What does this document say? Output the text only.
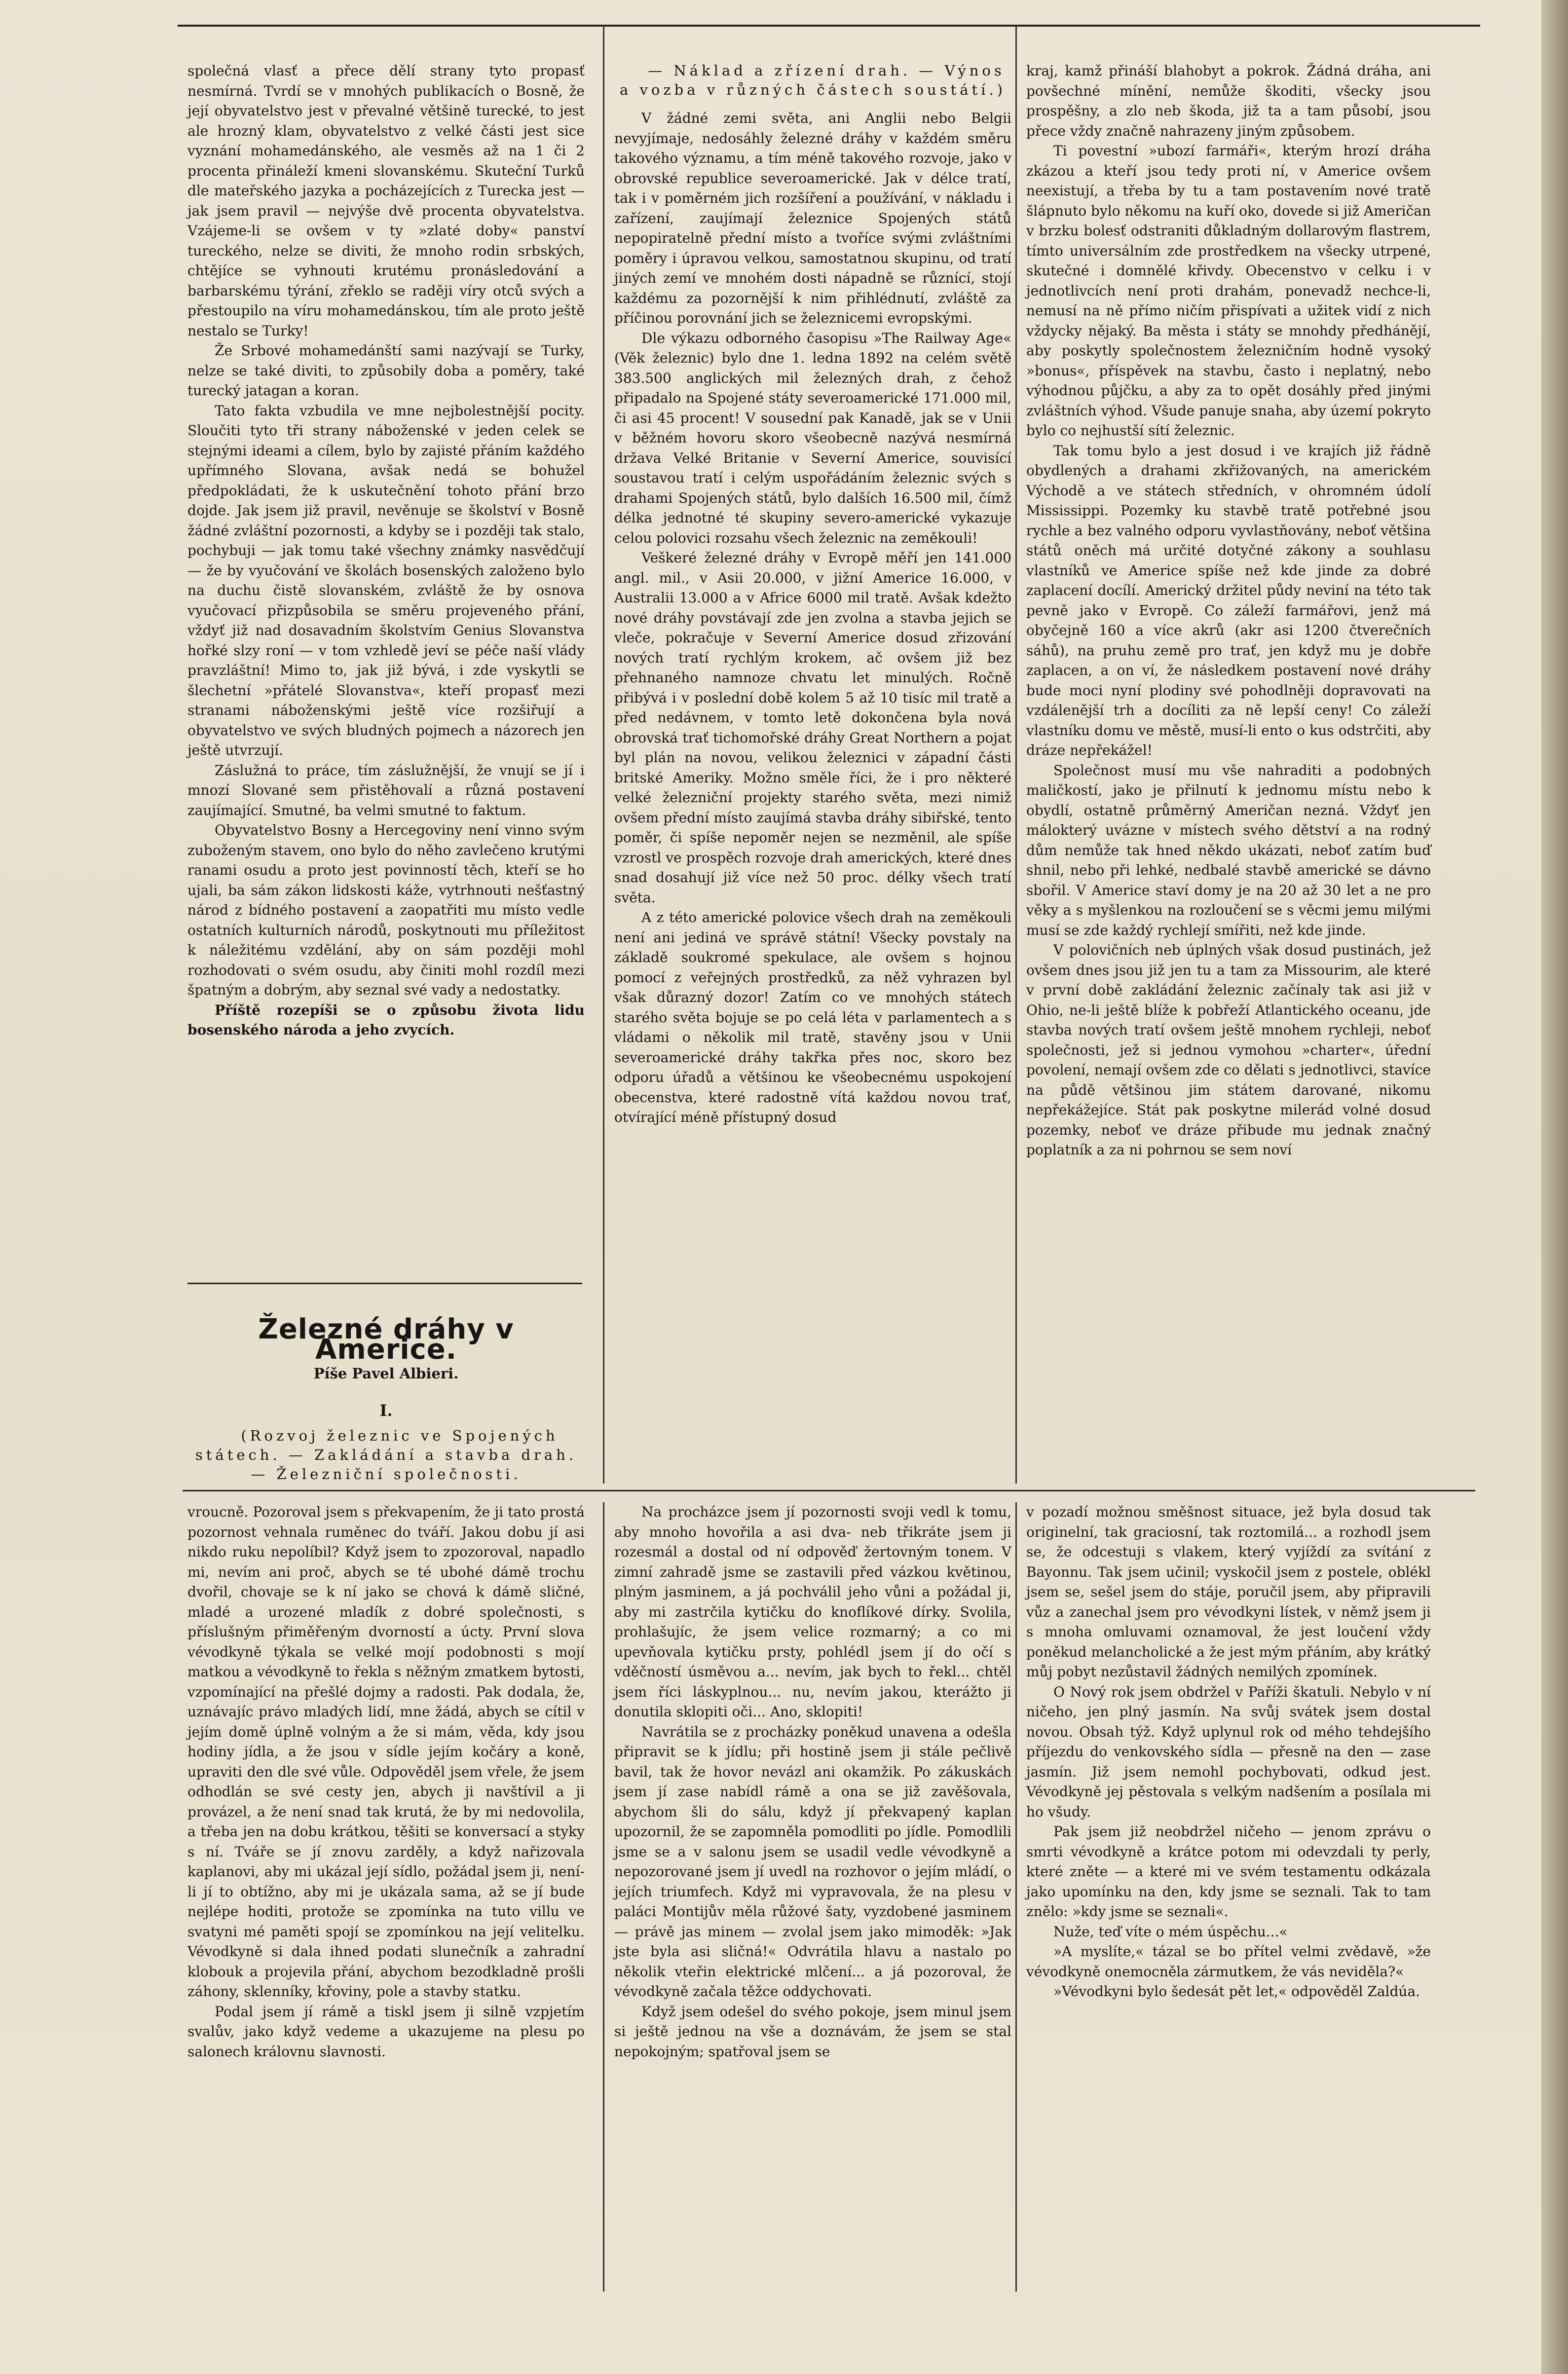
společná vlasť a přece dělí strany tyto propasť nesmírná. Tvrdí se v mnohých publikacích o Bosně, že její obyvatelstvo jest v převalné většině turecké, to jest ale hrozný klam, obyvatelstvo z velké části jest sice vyznání mohamedánského, ale vesměs až na 1 či 2 procenta přináleží kmeni slovanskému. Skuteční Turků dle mateřského jazyka a pocházejících z Turecka jest — jak jsem pravil — nejvýše dvě procenta obyvatelstva. Vzájeme-li se ovšem v ty »zlaté doby« panství tureckého, nelze se diviti, že mnoho rodin srbských, chtějíce se vyhnouti krutému pronásledování a barbarskému týrání, zřeklo se raději víry otců svých a přestoupilo na víru mohamedánskou, tím ale proto ještě nestalo se Turky!

Že Srbové mohamedánští sami nazývají se Turky, nelze se také diviti, to způsobily doba a poměry, také turecký jatagan a koran.

Tato fakta vzbudila ve mne nejbolestnější pocity. Sloučiti tyto tři strany náboženské v jeden celek se stejnými ideami a cílem, bylo by zajisté přáním každého upřímného Slovana, avšak nedá se bohužel předpokládati, že k uskutečnění tohoto přání brzo dojde. Jak jsem již pravil, nevěnuje se školství v Bosně žádné zvláštní pozornosti, a kdyby se i později tak stalo, pochybuji — jak tomu také všechny známky nasvědčují — že by vyučování ve školách bosenských založeno bylo na duchu čistě slovanském, zvláště že by osnova vyučovací přizpůsobila se směru projeveného přání, vždyť již nad dosavadním školstvím Genius Slovanstva hořké slzy roní — v tom vzhledě jeví se péče naší vlády pravzláštní! Mimo to, jak již bývá, i zde vyskytli se šlechetní »přátelé Slovanstva«, kteří propasť mezi stranami náboženskými ještě více rozšiřují a obyvatelstvo ve svých bludných pojmech a názorech jen ještě utvrzují.

Záslužná to práce, tím záslužnější, že vnují se jí i mnozí Slované sem přistěhovalí a různá postavení zaujímající. Smutné, ba velmi smutné to faktum.

Obyvatelstvo Bosny a Hercegoviny není vinno svým zuboženým stavem, ono bylo do něho zavlečeno krutými ranami osudu a proto jest povinností těch, kteří se ho ujali, ba sám zákon lidskosti káže, vytrhnouti nešťastný národ z bídného postavení a zaopatřiti mu místo vedle ostatních kulturních národů, poskytnouti mu příležitost k náležitému vzdělání, aby on sám později mohl rozhodovati o svém osudu, aby činiti mohl rozdíl mezi špatným a dobrým, aby seznal své vady a nedostatky.

Příště rozepíši se o způsobu života lidu bosenského národa a jeho zvycích.

Železné dráhy v Americe.
Píše Pavel Albieri.
I.

(Rozvoj železnic ve Spojených státech. — Zakládání a stavba drah. — Železniční společnosti.

— Náklad a zřízení drah. — Výnos a vozba v různých částech soustátí.)

V žádné zemi světa, ani Anglii nebo Belgii nevyjímaje, nedosáhly železné dráhy v každém směru takového významu, a tím méně takového rozvoje, jako v obrovské republice severoamerické. Jak v délce tratí, tak i v poměrném jich rozšíření a používání, v nákladu i zařízení, zaujímají železnice Spojených států nepopiratelně přední místo a tvoříce svými zvláštními poměry i úpravou velkou, samostatnou skupinu, od tratí jiných zemí ve mnohém dosti nápadně se různící, stojí každému za pozornější k nim přihlédnutí, zvláště za příčinou porovnání jich se železnicemi evropskými.

Dle výkazu odborného časopisu »The Railway Age« (Věk železnic) bylo dne 1. ledna 1892 na celém světě 383.500 anglických mil železných drah, z čehož připadalo na Spojené státy severoamerické 171.000 mil, či asi 45 procent! V sousední pak Kanadě, jak se v Unii v běžném hovoru skoro všeobecně nazývá nesmírná država Velké Britanie v Severní Americe, souvisící soustavou tratí i celým uspořádáním železnic svých s drahami Spojených států, bylo dalších 16.500 mil, čímž délka jednotné té skupiny severo-americké vykazuje celou polovici rozsahu všech železnic na zeměkouli!

Veškeré železné dráhy v Evropě měří jen 141.000 angl. mil., v Asii 20.000, v jižní Americe 16.000, v Australii 13.000 a v Africe 6000 mil tratě. Avšak kdežto nové dráhy povstávají zde jen zvolna a stavba jejich se vleče, pokračuje v Severní Americe dosud zřizování nových tratí rychlým krokem, ač ovšem již bez přehnaného namnoze chvatu let minulých. Ročně přibývá i v poslední době kolem 5 až 10 tisíc mil tratě a před nedávnem, v tomto letě dokončena byla nová obrovská trať tichomořské dráhy Great Northern a pojat byl plán na novou, velikou železnici v západní části britské Ameriky. Možno směle říci, že i pro některé velké železniční projekty starého světa, mezi nimiž ovšem přední místo zaujímá stavba dráhy sibiřské, tento poměr, či spíše nepoměr nejen se nezměnil, ale spíše vzrostl ve prospěch rozvoje drah amerických, které dnes snad dosahují již více než 50 proc. délky všech tratí světa.

A z této americké polovice všech drah na zeměkouli není ani jediná ve správě státní! Všecky povstaly na základě soukromé spekulace, ale ovšem s hojnou pomocí z veřejných prostředků, za něž vyhrazen byl však důrazný dozor! Zatím co ve mnohých státech starého světa bojuje se po celá léta v parlamentech a s vládami o několik mil tratě, stavěny jsou v Unii severoamerické dráhy takřka přes noc, skoro bez odporu úřadů a většinou ke všeobecnému uspokojení obecenstva, které radostně vítá každou novou trať, otvírající méně přístupný dosud

kraj, kamž přináší blahobyt a pokrok. Žádná dráha, ani povšechné mínění, nemůže škoditi, všecky jsou prospěšny, a zlo neb škoda, již ta a tam působí, jsou přece vždy značně nahrazeny jiným způsobem.

Ti povestní »ubozí farmáři«, kterým hrozí dráha zkázou a kteří jsou tedy proti ní, v Americe ovšem neexistují, a třeba by tu a tam postavením nové tratě šlápnuto bylo někomu na kuří oko, dovede si již Američan v brzku bolesť odstraniti důkladným dollarovým flastrem, tímto universálním zde prostředkem na všecky utrpené, skutečné i domnělé křivdy. Obecenstvo v celku i v jednotlivcích není proti drahám, ponevadž nechce-li, nemusí na ně přímo ničím přispívati a užitek vidí z nich vždycky nějaký. Ba města i státy se mnohdy předhánějí, aby poskytly společnostem železničním hodně vysoký »bonus«, příspěvek na stavbu, často i neplatný, nebo výhodnou půjčku, a aby za to opět dosáhly před jinými zvláštních výhod. Všude panuje snaha, aby území pokryto bylo co nejhustší sítí železnic.

Tak tomu bylo a jest dosud i ve krajích již řádně obydlených a drahami zkřižovaných, na americkém Východě a ve státech středních, v ohromném údolí Mississippi. Pozemky ku stavbě tratě potřebné jsou rychle a bez valného odporu vyvlastňovány, neboť většina států oněch má určité dotyčné zákony a souhlasu vlastníků ve Americe spíše než kde jinde za dobré zaplacení docílí. Americký držitel půdy neviní na této tak pevně jako v Evropě. Co záleží farmářovi, jenž má obyčejně 160 a více akrů (akr asi 1200 čtverečních sáhů), na pruhu země pro trať, jen když mu je dobře zaplacen, a on ví, že následkem postavení nové dráhy bude moci nyní plodiny své pohodlněji dopravovati na vzdálenější trh a docíliti za ně lepší ceny! Co záleží vlastníku domu ve městě, musí-li ento o kus odstrčiti, aby dráze nepřekážel!

Společnost musí mu vše nahraditi a podobných maličkostí, jako je přilnutí k jednomu místu nebo k obydlí, ostatně průměrný Američan nezná. Vždyť jen málokterý uvázne v místech svého dětství a na rodný dům nemůže tak hned někdo ukázati, neboť zatím buď shnil, nebo při lehké, nedbalé stavbě americké se dávno sbořil. V Americe staví domy je na 20 až 30 let a ne pro věky a s myšlenkou na rozloučení se s věcmi jemu milými musí se zde každý rychlejí smířiti, než kde jinde.

V polovičních neb úplných však dosud pustinách, jež ovšem dnes jsou již jen tu a tam za Missourim, ale které v první době zakládání železnic začínaly tak asi již v Ohio, ne-li ještě blíže k pobřeží Atlantického oceanu, jde stavba nových tratí ovšem ještě mnohem rychleji, neboť společnosti, jež si jednou vymohou »charter«, úřední povolení, nemají ovšem zde co dělati s jednotlivci, stavíce na půdě většinou jim státem darované, nikomu nepřekážejíce. Stát pak poskytne milerád volné dosud pozemky, neboť ve dráze přibude mu jednak značný poplatník a za ni pohrnou se sem noví

vroucně. Pozoroval jsem s překvapením, že ji tato prostá pozornost vehnala ruměnec do tváří. Jakou dobu jí asi nikdo ruku nepolíbil? Když jsem to zpozoroval, napadlo mi, nevím ani proč, abych se té ubohé dámě trochu dvořil, chovaje se k ní jako se chová k dámě sličné, mladé a urozené mladík z dobré společnosti, s příslušným přiměřeným dvorností a úcty. První slova vévodkyně týkala se velké mojí podobnosti s mojí matkou a vévodkyně to řekla s něžným zmatkem bytosti, vzpomínající na přešlé dojmy a radosti. Pak dodala, že, uznávajíc právo mladých lidí, mne žádá, abych se cítil v jejím domě úplně volným a že si mám, věda, kdy jsou hodiny jídla, a že jsou v sídle jejím kočáry a koně, upraviti den dle své vůle. Odpověděl jsem vřele, že jsem odhodlán se své cesty jen, abych ji navštívil a ji provázel, a že není snad tak krutá, že by mi nedovolila, a třeba jen na dobu krátkou, těšiti se konversací a styky s ní. Tváře se jí znovu zarděly, a když nařizovala kaplanovi, aby mi ukázal její sídlo, požádal jsem ji, není-li jí to obtížno, aby mi je ukázala sama, až se jí bude nejlépe hoditi, protože se zpomínka na tuto villu ve svatyni mé paměti spojí se zpomínkou na její velitelku. Vévodkyně si dala ihned podati slunečník a zahradní klobouk a projevila přání, abychom bezodkladně prošli záhony, sklenníky, křoviny, pole a stavby statku.

Podal jsem jí rámě a tiskl jsem ji silně vzpjetím svalův, jako když vedeme a ukazujeme na plesu po salonech královnu slavnosti.

Na procházce jsem jí pozornosti svoji vedl k tomu, aby mnoho hovořila a asi dva- neb třikráte jsem ji rozesmál a dostal od ní odpověď žertovným tonem. V zimní zahradě jsme se zastavili před vázkou květinou, plným jasminem, a já pochválil jeho vůni a požádal ji, aby mi zastrčila kytičku do knoflíkové dírky. Svolila, prohlašujíc, že jsem velice rozmarný; a co mi upevňovala kytičku prsty, pohlédl jsem jí do očí s vděčností úsměvou a... nevím, jak bych to řekl... chtěl jsem říci láskyplnou... nu, nevím jakou, kterážto ji donutila sklopiti oči... Ano, sklopiti!

Navrátila se z procházky poněkud unavena a odešla připravit se k jídlu; při hostině jsem ji stále pečlivě bavil, tak že hovor nevázl ani okamžik. Po zákuskách jsem jí zase nabídl rámě a ona se již zavěšovala, abychom šli do sálu, když jí překvapený kaplan upozornil, že se zapomněla pomodliti po jídle. Pomodlili jsme se a v salonu jsem se usadil vedle vévodkyně a nepozorované jsem jí uvedl na rozhovor o jejím mládí, o jejích triumfech. Když mi vypravovala, že na plesu v paláci Montijův měla růžové šaty, vyzdobené jasminem — právě jas minem — zvolal jsem jako mimoděk: »Jak jste byla asi sličná!« Odvrátila hlavu a nastalo po několik vteřin elektrické mlčení... a já pozoroval, že vévodkyně začala těžce oddychovati.

Když jsem odešel do svého pokoje, jsem minul jsem si ještě jednou na vše a doznávám, že jsem se stal nepokojným; spatřoval jsem se

v pozadí možnou směšnost situace, jež byla dosud tak originelní, tak graciosní, tak roztomilá... a rozhodl jsem se, že odcestuji s vlakem, který vyjíždí za svítání z Bayonnu. Tak jsem učinil; vyskočil jsem z postele, oblékl jsem se, sešel jsem do stáje, poručil jsem, aby připravili vůz a zanechal jsem pro vévodkyni lístek, v němž jsem ji s mnoha omluvami oznamoval, že jest loučení vždy poněkud melancholické a že jest mým přáním, aby krátký můj pobyt nezůstavil žádných nemilých zpomínek.

O Nový rok jsem obdržel v Paříži škatuli. Nebylo v ní ničeho, jen plný jasmín. Na svůj svátek jsem dostal novou. Obsah týž. Když uplynul rok od mého tehdejšího příjezdu do venkovského sídla — přesně na den — zase jasmín. Již jsem nemohl pochybovati, odkud jest. Vévodkyně jej pěstovala s velkým nadšením a posílala mi ho všudy.

Pak jsem již neobdržel ničeho — jenom zprávu o smrti vévodkyně a krátce potom mi odevzdali ty perly, které zněte — a které mi ve svém testamentu odkázala jako upomínku na den, kdy jsme se seznali. Tak to tam znělo: »kdy jsme se seznali«.

Nuže, teď víte o mém úspěchu...«

»A myslíte,« tázal se bo přítel velmi zvědavě, »že vévodkyně onemocněla zármutkem, že vás neviděla?«

»Vévodkyni bylo šedesát pět let,« odpověděl Zaldúa.
